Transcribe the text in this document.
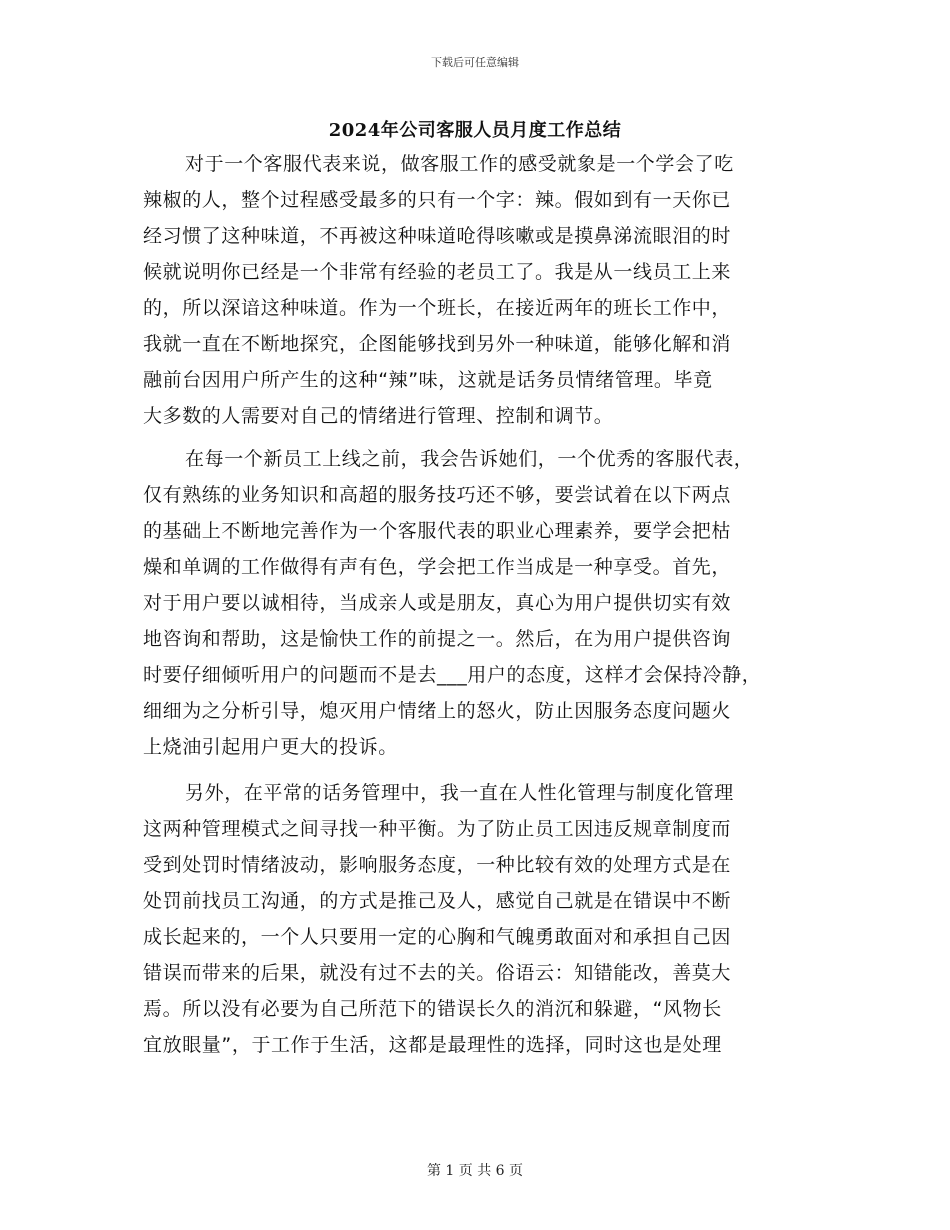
下载后可任意编辑
2024年公司客服人员月度工作总结
对于一个客服代表来说，做客服工作的感受就象是一个学会了吃
辣椒的人，整个过程感受最多的只有一个字：辣。假如到有一天你已
经习惯了这种味道，不再被这种味道呛得咳嗽或是摸鼻涕流眼泪的时
候就说明你已经是一个非常有经验的老员工了。我是从一线员工上来
的，所以深谙这种味道。作为一个班长，在接近两年的班长工作中，
我就一直在不断地探究，企图能够找到另外一种味道，能够化解和消
融前台因用户所产生的这种“辣”味，这就是话务员情绪管理。毕竟
大多数的人需要对自己的情绪进行管理、控制和调节。
在每一个新员工上线之前，我会告诉她们，一个优秀的客服代表，
仅有熟练的业务知识和高超的服务技巧还不够，要尝试着在以下两点
的基础上不断地完善作为一个客服代表的职业心理素养，要学会把枯
燥和单调的工作做得有声有色，学会把工作当成是一种享受。首先，
对于用户要以诚相待，当成亲人或是朋友，真心为用户提供切实有效
地咨询和帮助，这是愉快工作的前提之一。然后，在为用户提供咨询
时要仔细倾听用户的问题而不是去___用户的态度，这样才会保持冷静，
细细为之分析引导，熄灭用户情绪上的怒火，防止因服务态度问题火
上烧油引起用户更大的投诉。
另外，在平常的话务管理中，我一直在人性化管理与制度化管理
这两种管理模式之间寻找一种平衡。为了防止员工因违反规章制度而
受到处罚时情绪波动，影响服务态度，一种比较有效的处理方式是在
处罚前找员工沟通，的方式是推己及人，感觉自己就是在错误中不断
成长起来的，一个人只要用一定的心胸和气魄勇敢面对和承担自己因
错误而带来的后果，就没有过不去的关。俗语云：知错能改，善莫大
焉。所以没有必要为自己所范下的错误长久的消沉和躲避，“风物长
宜放眼量”，于工作于生活，这都是最理性的选择，同时这也是处理
第 1 页 共 6 页
